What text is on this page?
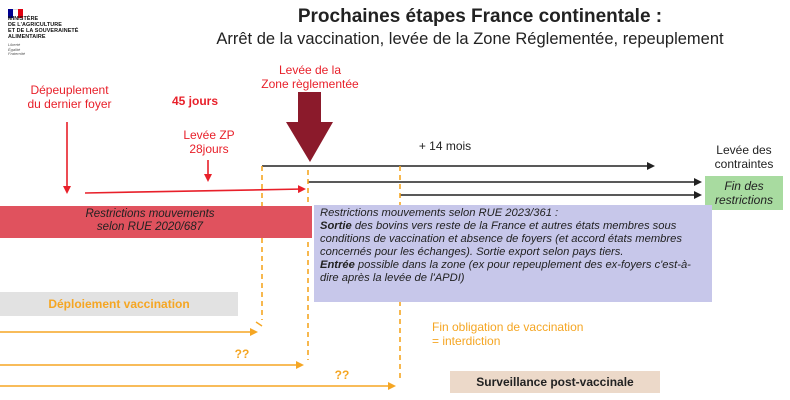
MINISTÈRE
DE L'AGRICULTURE
ET DE LA SOUVERAINETÉ
ALIMENTAIRE
Liberté
Égalité
Fraternité
Prochaines étapes France continentale :
Arrêt de la vaccination, levée de la Zone Réglementée, repeuplement
Dépeuplement
du dernier foyer	45 jours
Levée ZP
28jours
Levée de la
Zone règlementée
+ 14 mois	Levée des
contraintes
Fin des
restrictions
Restrictions mouvements
selon RUE 2020/687
Restrictions mouvements selon RUE 2023/361 :
Sortie des bovins vers reste de la France et autres états membres sous conditions de vaccination et absence de foyers (et accord états membres concernés pour les échanges). Sortie export selon pays tiers.
Entrée possible dans la zone (ex pour repeuplement des ex-foyers c'est-à-dire après la levée de l'APDI)
Déploiement vaccination
??
??
Fin obligation de vaccination
= interdiction
Surveillance post-vaccinale
